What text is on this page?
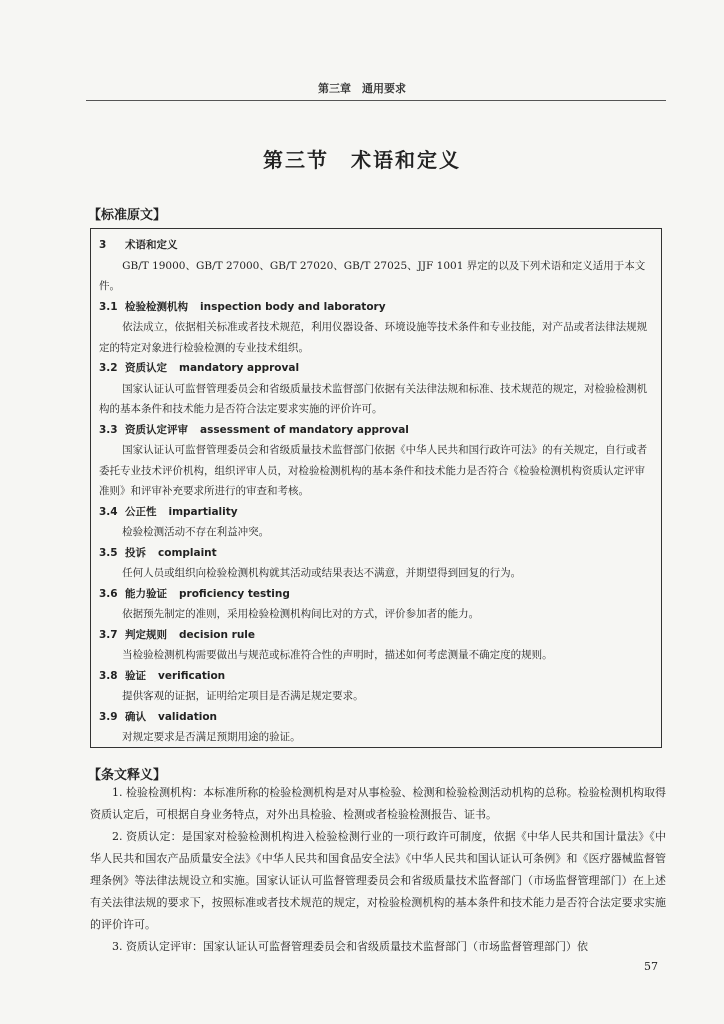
第三章　通用要求
第三节　术语和定义
【标准原文】
3 术语和定义
GB/T 19000、GB/T 27000、GB/T 27020、GB/T 27025、JJF 1001 界定的以及下列术语和定义适用于本文件。
3.1 检验检测机构 inspection body and laboratory
依法成立，依据相关标准或者技术规范，利用仪器设备、环境设施等技术条件和专业技能，对产品或者法律法规规定的特定对象进行检验检测的专业技术组织。
3.2 资质认定 mandatory approval
国家认证认可监督管理委员会和省级质量技术监督部门依据有关法律法规和标准、技术规范的规定，对检验检测机构的基本条件和技术能力是否符合法定要求实施的评价许可。
3.3 资质认定评审 assessment of mandatory approval
国家认证认可监督管理委员会和省级质量技术监督部门依据《中华人民共和国行政许可法》的有关规定，自行或者委托专业技术评价机构，组织评审人员，对检验检测机构的基本条件和技术能力是否符合《检验检测机构资质认定评审准则》和评审补充要求所进行的审查和考核。
3.4 公正性 impartiality
检验检测活动不存在利益冲突。
3.5 投诉 complaint
任何人员或组织向检验检测机构就其活动或结果表达不满意，并期望得到回复的行为。
3.6 能力验证 proficiency testing
依据预先制定的准则，采用检验检测机构间比对的方式，评价参加者的能力。
3.7 判定规则 decision rule
当检验检测机构需要做出与规范或标准符合性的声明时，描述如何考虑测量不确定度的规则。
3.8 验证 verification
提供客观的证据，证明给定项目是否满足规定要求。
3.9 确认 validation
对规定要求是否满足预期用途的验证。
【条文释义】

1. 检验检测机构：本标准所称的检验检测机构是对从事检验、检测和检验检测活动机构的总称。检验检测机构取得资质认定后，可根据自身业务特点，对外出具检验、检测或者检验检测报告、证书。

2. 资质认定：是国家对检验检测机构进入检验检测行业的一项行政许可制度，依据《中华人民共和国计量法》《中华人民共和国农产品质量安全法》《中华人民共和国食品安全法》《中华人民共和国认证认可条例》和《医疗器械监督管理条例》等法律法规设立和实施。国家认证认可监督管理委员会和省级质量技术监督部门（市场监督管理部门）在上述有关法律法规的要求下，按照标准或者技术规范的规定，对检验检测机构的基本条件和技术能力是否符合法定要求实施的评价许可。

3. 资质认定评审：国家认证认可监督管理委员会和省级质量技术监督部门（市场监督管理部门）依

57
